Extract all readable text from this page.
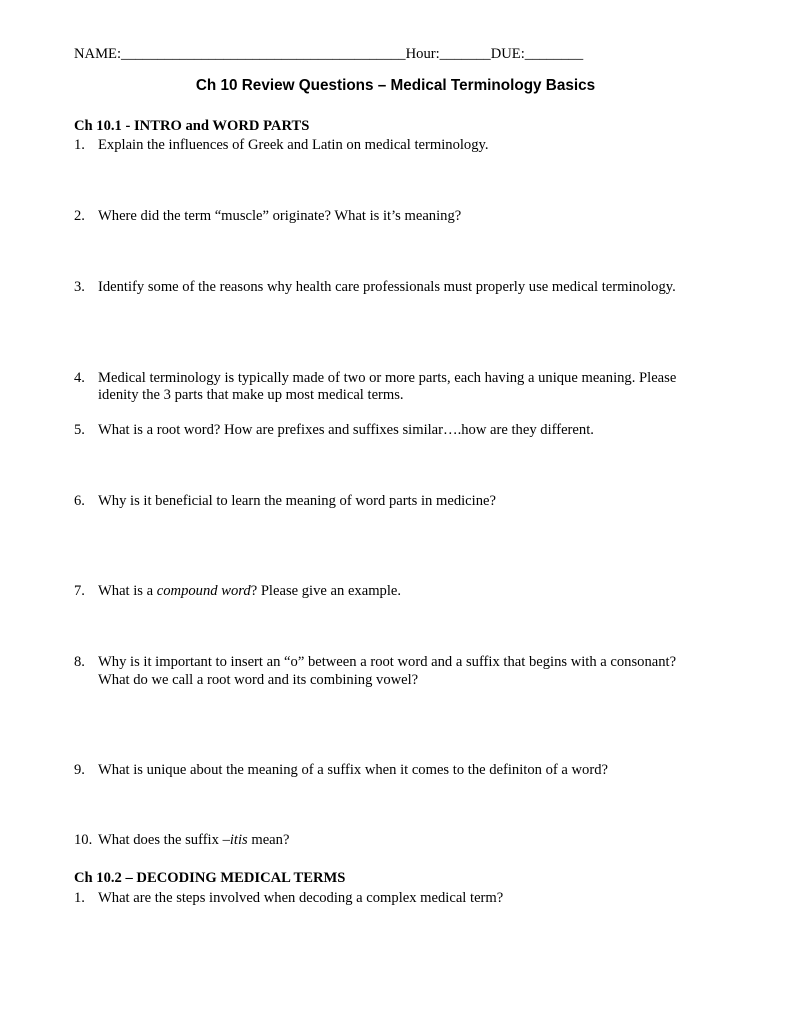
NAME:_______________________________________Hour:_______DUE:________
Ch 10 Review Questions – Medical Terminology Basics
Ch 10.1 - INTRO and WORD PARTS
1. Explain the influences of Greek and Latin on medical terminology.
2. Where did the term “muscle” originate? What is it’s meaning?
3. Identify some of the reasons why health care professionals must properly use medical terminology.
4. Medical terminology is typically made of two or more parts, each having a unique meaning. Please
idenity the 3 parts that make up most medical terms.
5. What is a root word? How are prefixes and suffixes similar….how are they different.
6. Why is it beneficial to learn the meaning of word parts in medicine?
7. What is a compound word? Please give an example.
8. Why is it important to insert an “o” between a root word and a suffix that begins with a consonant?
What do we call a root word and its combining vowel?
9. What is unique about the meaning of a suffix when it comes to the definiton of a word?
10. What does the suffix –itis mean?
Ch 10.2 – DECODING MEDICAL TERMS
1. What are the steps involved when decoding a complex medical term?
